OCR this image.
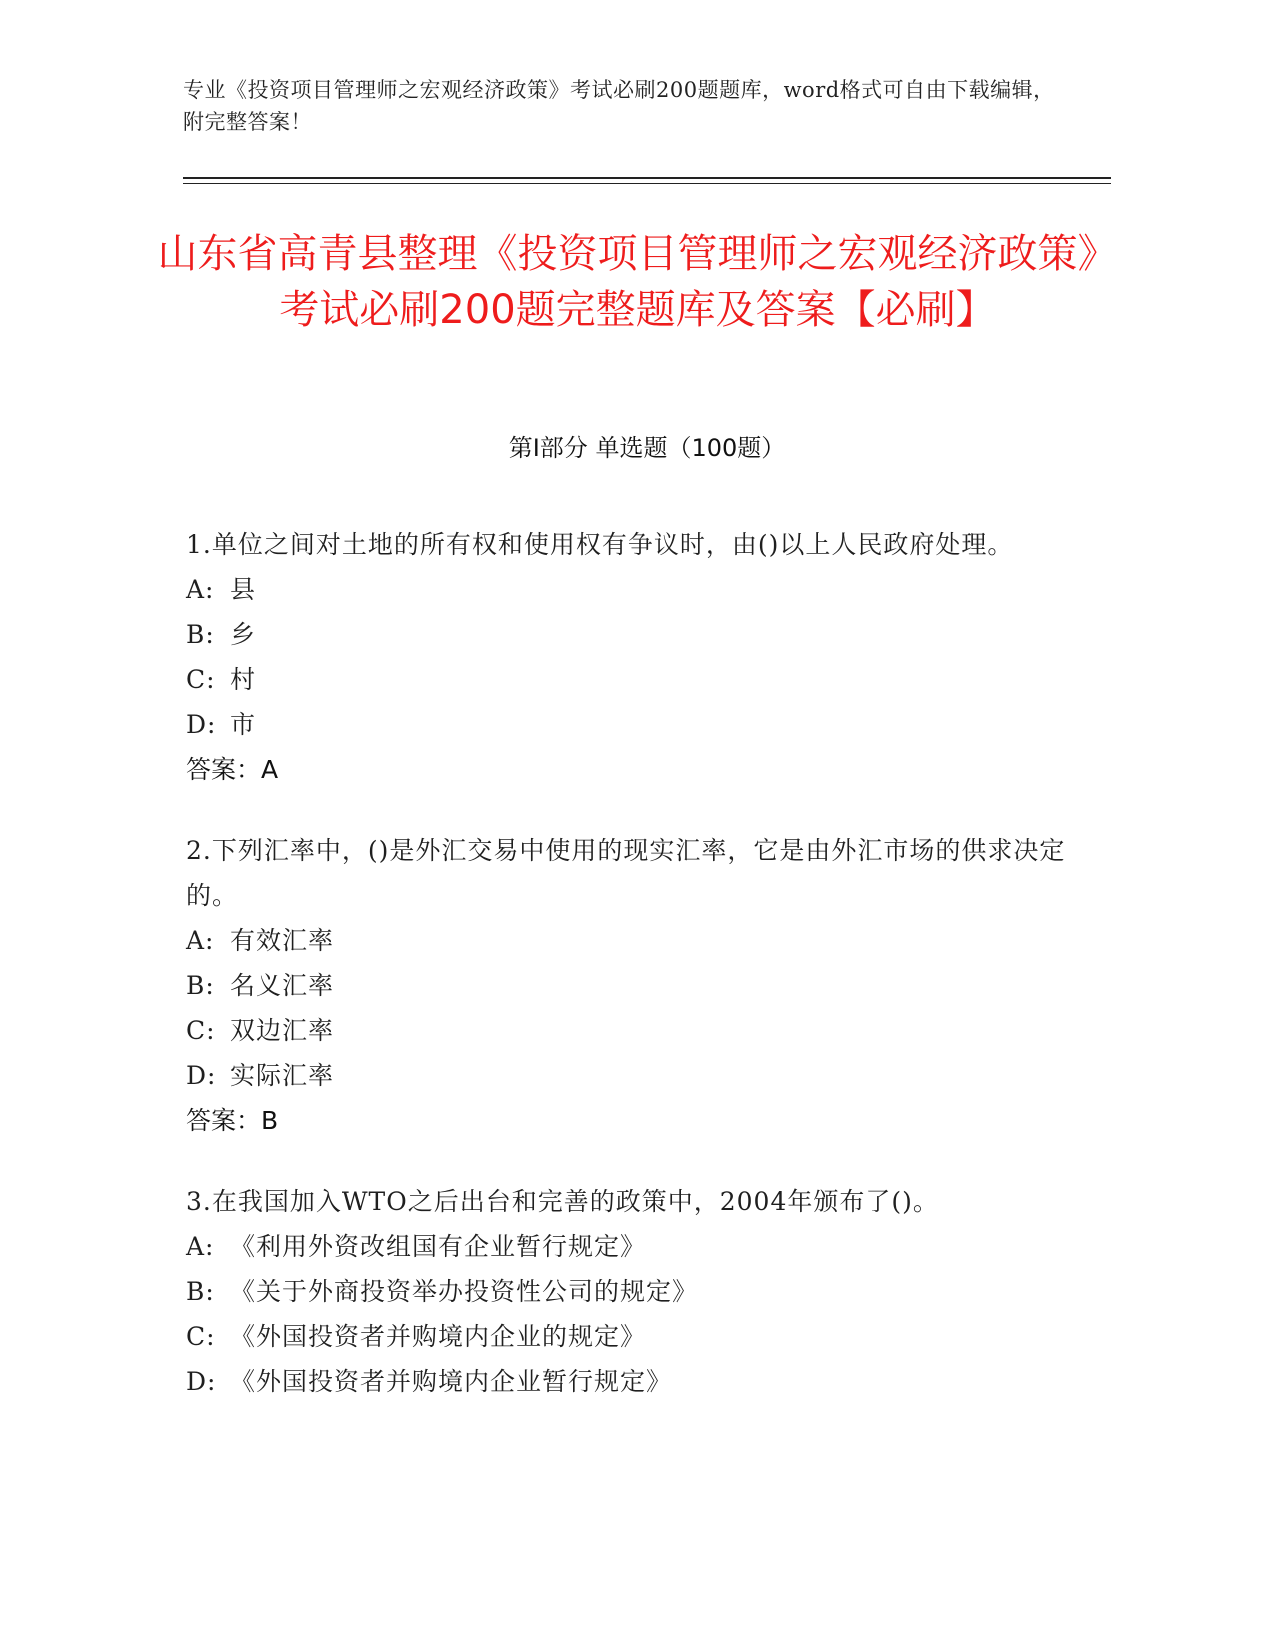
专业《投资项目管理师之宏观经济政策》考试必刷200题题库，word格式可自由下载编辑，附完整答案！
山东省高青县整理《投资项目管理师之宏观经济政策》考试必刷200题完整题库及答案【必刷】
第I部分 单选题（100题）
1.单位之间对土地的所有权和使用权有争议时，由()以上人民政府处理。
A: 县
B: 乡
C: 村
D: 市
答案：A
2.下列汇率中，()是外汇交易中使用的现实汇率，它是由外汇市场的供求决定的。
A: 有效汇率
B: 名义汇率
C: 双边汇率
D: 实际汇率
答案：B
3.在我国加入WTO之后出台和完善的政策中，2004年颁布了()。
A: 《利用外资改组国有企业暂行规定》
B: 《关于外商投资举办投资性公司的规定》
C: 《外国投资者并购境内企业的规定》
D: 《外国投资者并购境内企业暂行规定》
